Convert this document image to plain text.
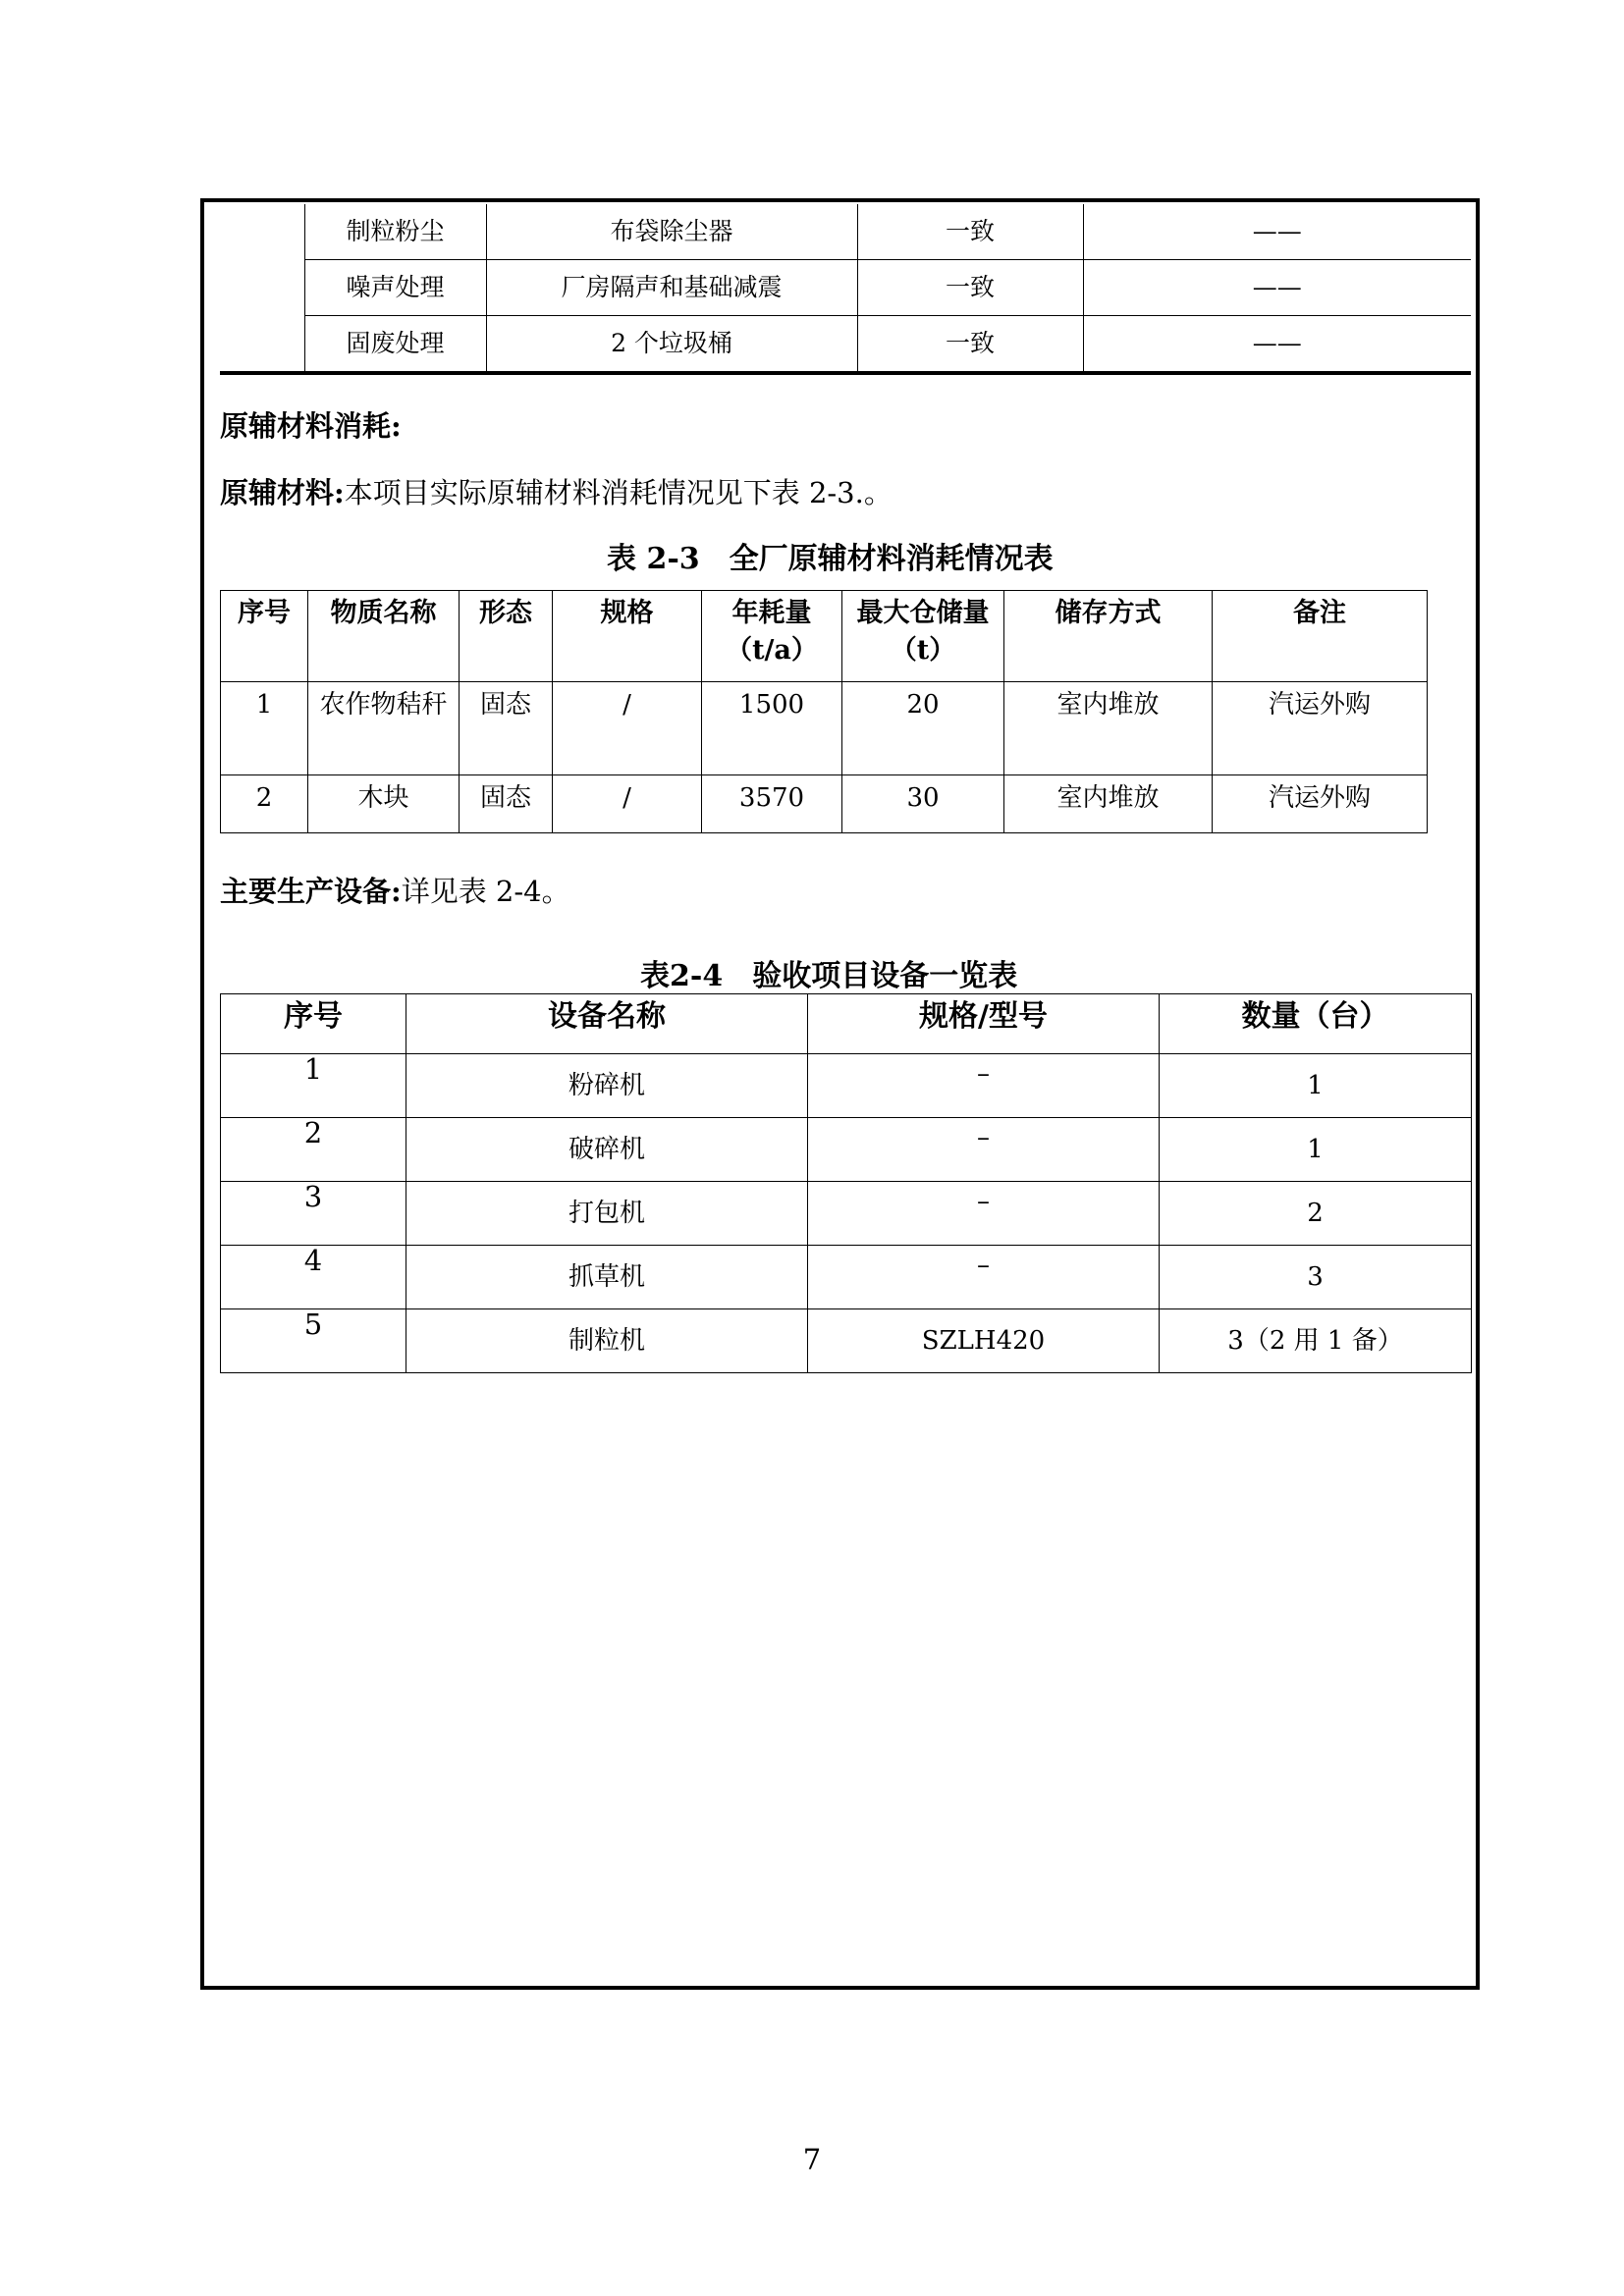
	制粒粉尘	布袋除尘器	一致	——
	噪声处理	厂房隔声和基础减震	一致	——
	固废处理	2 个垃圾桶	一致	——
原辅材料消耗:
原辅材料:本项目实际原辅材料消耗情况见下表 2-3.。
表 2-3　全厂原辅材料消耗情况表
序号	物质名称	形态	规格	年耗量（t/a）	最大仓储量（t）	储存方式	备注
1	农作物秸秆	固态	/	1500	20	室内堆放	汽运外购
2	木块	固态	/	3570	30	室内堆放	汽运外购
主要生产设备:详见表 2-4。
表2-4　验收项目设备一览表
序号	设备名称	规格/型号	数量（台）
1	粉碎机	–	1
2	破碎机	–	1
3	打包机	–	2
4	抓草机	–	3
5	制粒机	SZLH420	3（2 用 1 备）
7
